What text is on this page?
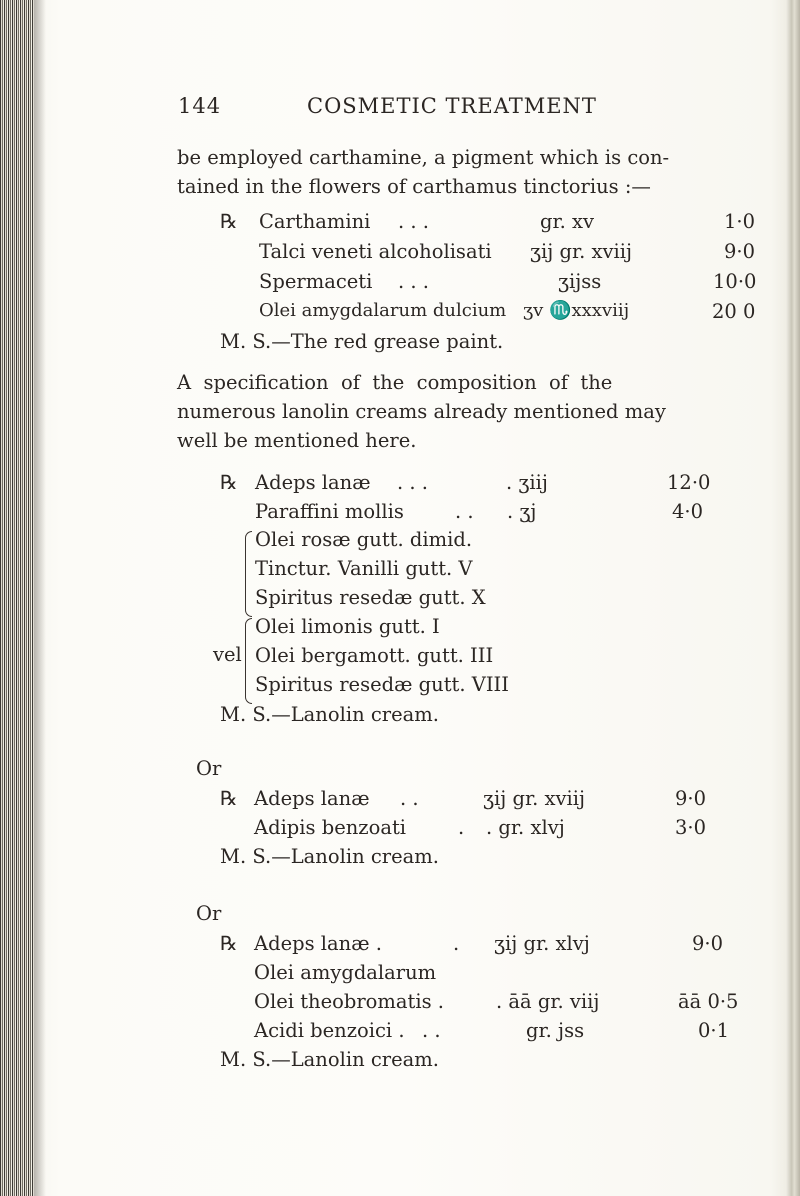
144	COSMETIC TREATMENT
be employed carthamine, a pigment which is con-
tained in the flowers of carthamus tinctorius :—
℞ Carthamini . . .	gr. xv	1·0
Talci veneti alcoholisati ʒij gr. xviij	9·0
Spermaceti . . .	ʒijss	10·0
Olei amygdalarum dulcium ʒv ♏xxxviij	20 0
M. S.—The red grease paint.
A  specification  of  the  composition  of  the
numerous lanolin creams already mentioned may
well be mentioned here.
℞ Adeps lanæ . . .	. ʒiij	12·0
Paraffini mollis	. . . ʒj	4·0
Olei rosæ gutt. dimid.
Tinctur. Vanilli gutt. V
Spiritus resedæ gutt. X
vel
Olei limonis gutt. I
Olei bergamott. gutt. III
Spiritus resedæ gutt. VIII
M. S.—Lanolin cream.
Or
℞ Adeps lanæ . .	ʒij gr. xviij	9·0
Adipis benzoati	. . gr. xlvj	3·0
M. S.—Lanolin cream.
Or
℞ Adeps lanæ .	. ʒij gr. xlvj	9·0
Olei amygdalarum
Olei theobromatis .	. āā gr. viij	āā 0·5
Acidi benzoici . . .	gr. jss	0·1
M. S.—Lanolin cream.
